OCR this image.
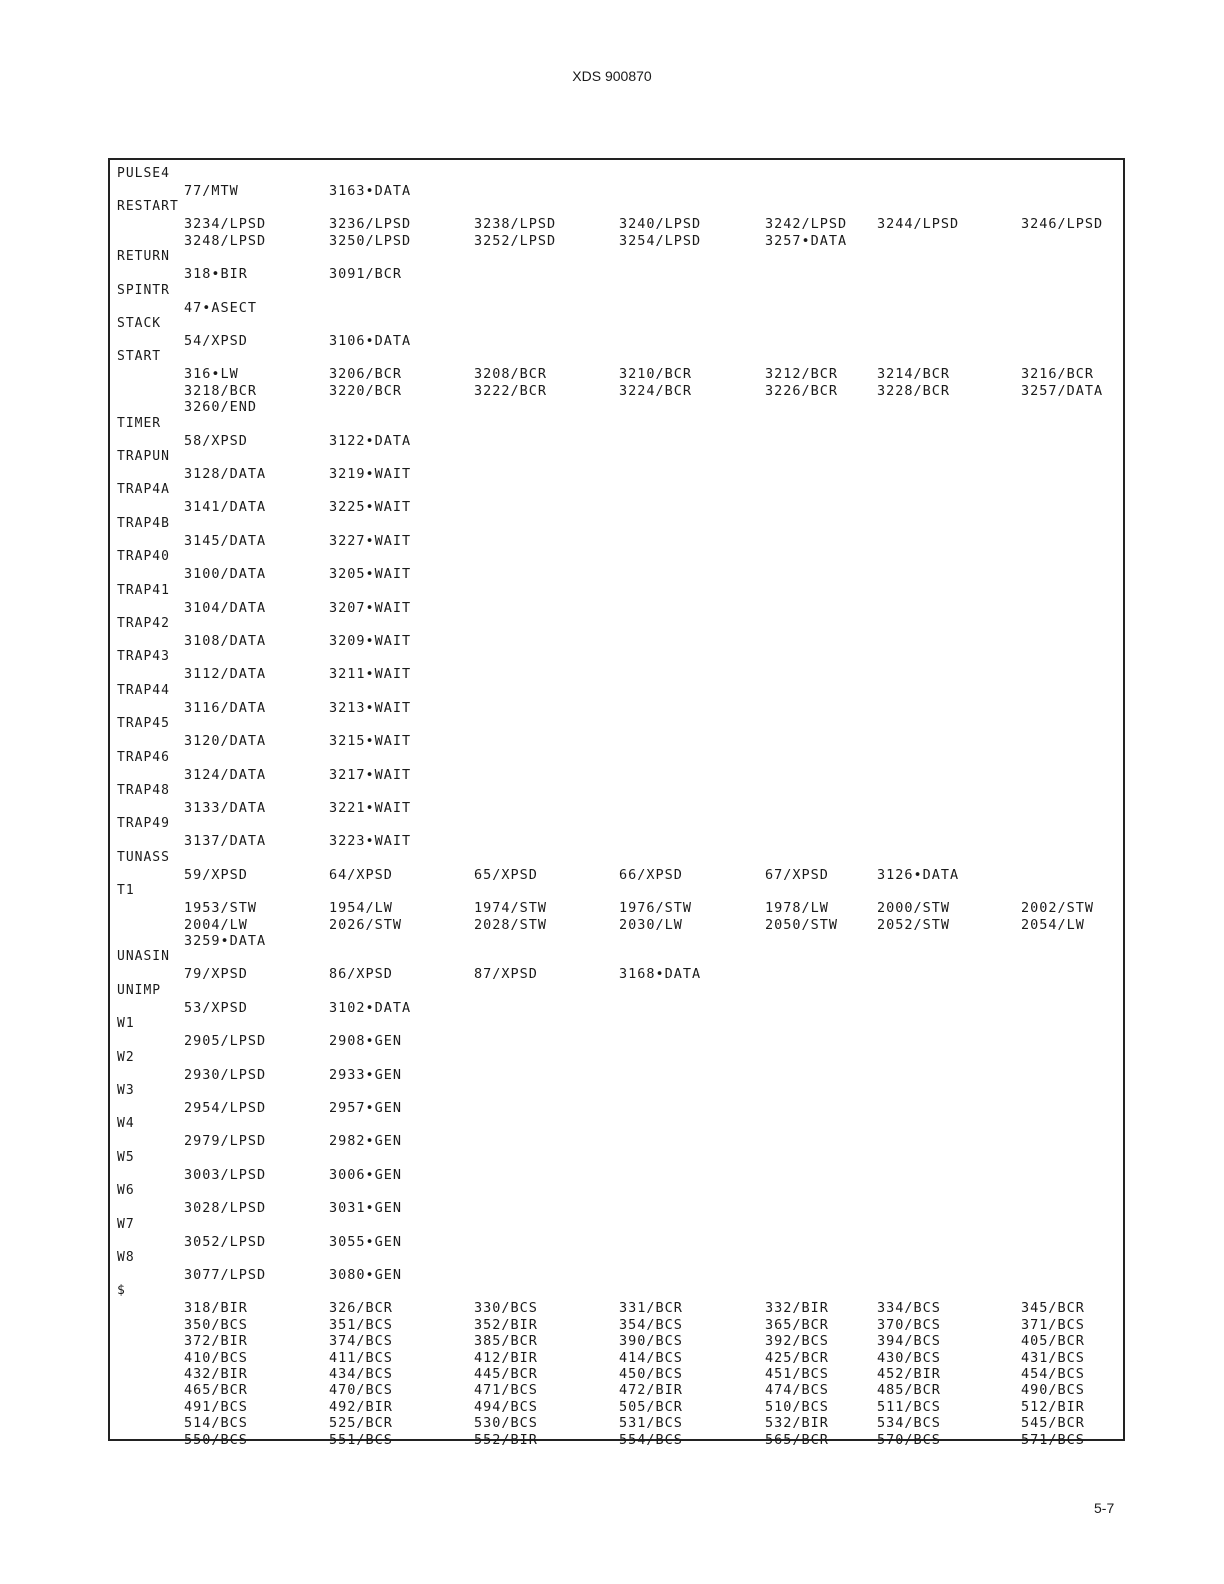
XDS 900870
PULSE4
77/MTW	3163•DATA
RESTART
3234/LPSD	3236/LPSD	3238/LPSD	3240/LPSD	3242/LPSD 3244/LPSD	3246/LPSD
3248/LPSD	3250/LPSD	3252/LPSD	3254/LPSD	3257•DATA
RETURN
318•BIR	3091/BCR
SPINTR
47•ASECT
STACK
54/XPSD	3106•DATA
START
316•LW	3206/BCR	3208/BCR	3210/BCR	3212/BCR	3214/BCR	3216/BCR
3218/BCR	3220/BCR	3222/BCR	3224/BCR	3226/BCR	3228/BCR	3257/DATA
3260/END
TIMER
58/XPSD	3122•DATA
TRAPUN
3128/DATA	3219•WAIT
TRAP4A
3141/DATA	3225•WAIT
TRAP4B
3145/DATA	3227•WAIT
TRAP40
3100/DATA	3205•WAIT
TRAP41
3104/DATA	3207•WAIT
TRAP42
3108/DATA	3209•WAIT
TRAP43
3112/DATA	3211•WAIT
TRAP44
3116/DATA	3213•WAIT
TRAP45
3120/DATA	3215•WAIT
TRAP46
3124/DATA	3217•WAIT
TRAP48
3133/DATA	3221•WAIT
TRAP49
3137/DATA	3223•WAIT
TUNASS
59/XPSD	64/XPSD	65/XPSD	66/XPSD	67/XPSD	3126•DATA
T1
1953/STW	1954/LW	1974/STW	1976/STW	1978/LW	2000/STW	2002/STW
2004/LW	2026/STW	2028/STW	2030/LW	2050/STW	2052/STW	2054/LW
3259•DATA
UNASIN
79/XPSD	86/XPSD	87/XPSD	3168•DATA
UNIMP
53/XPSD	3102•DATA
W1
2905/LPSD	2908•GEN
W2
2930/LPSD	2933•GEN
W3
2954/LPSD	2957•GEN
W4
2979/LPSD	2982•GEN
W5
3003/LPSD	3006•GEN
W6
3028/LPSD	3031•GEN
W7
3052/LPSD	3055•GEN
W8
3077/LPSD	3080•GEN
$
318/BIR	326/BCR	330/BCS	331/BCR	332/BIR	334/BCS	345/BCR
350/BCS	351/BCS	352/BIR	354/BCS	365/BCR	370/BCS	371/BCS
372/BIR	374/BCS	385/BCR	390/BCS	392/BCS	394/BCS	405/BCR
410/BCS	411/BCS	412/BIR	414/BCS	425/BCR	430/BCS	431/BCS
432/BIR	434/BCS	445/BCR	450/BCS	451/BCS	452/BIR	454/BCS
465/BCR	470/BCS	471/BCS	472/BIR	474/BCS	485/BCR	490/BCS
491/BCS	492/BIR	494/BCS	505/BCR	510/BCS	511/BCS	512/BIR
514/BCS	525/BCR	530/BCS	531/BCS	532/BIR	534/BCS	545/BCR
550/BCS	551/BCS	552/BIR	554/BCS	565/BCR	570/BCS	571/BCS
5-7
